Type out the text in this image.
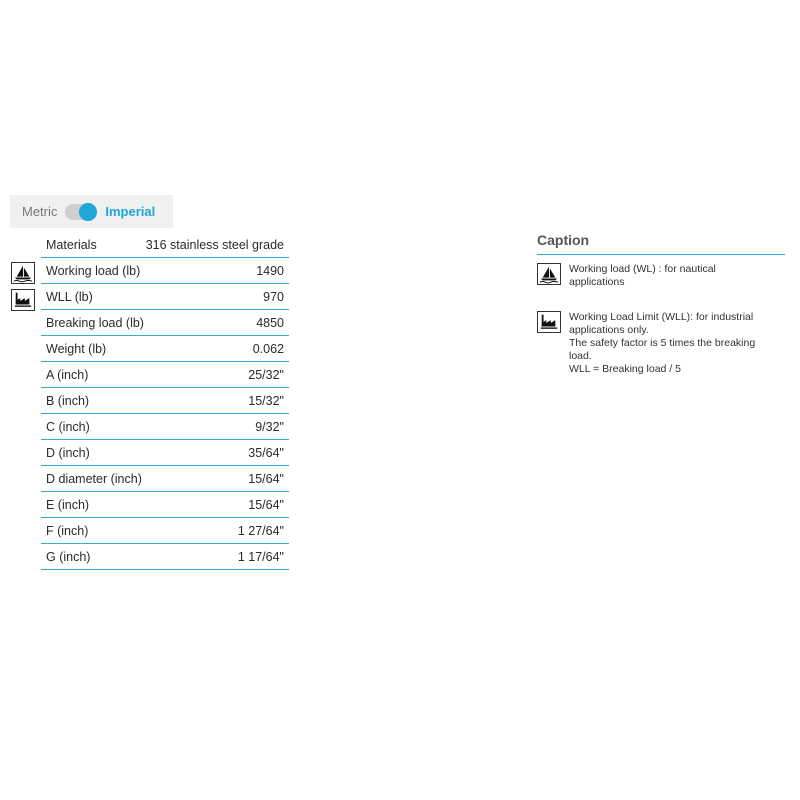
Metric	Imperial
Materials	316 stainless steel grade
Working load (lb)	1490
WLL (lb)	970
Breaking load (lb)	4850
Weight (lb)	0.062
A (inch)	25/32"
B (inch)	15/32"
C (inch)	9/32"
D (inch)	35/64"
D diameter (inch)	15/64"
E (inch)	15/64"
F (inch)	1 27/64"
G (inch)	1 17/64"
Caption
Working load (WL) : for nautical
applications
Working Load Limit (WLL): for industrial
applications only.
The safety factor is 5 times the breaking
load.
WLL = Breaking load / 5
